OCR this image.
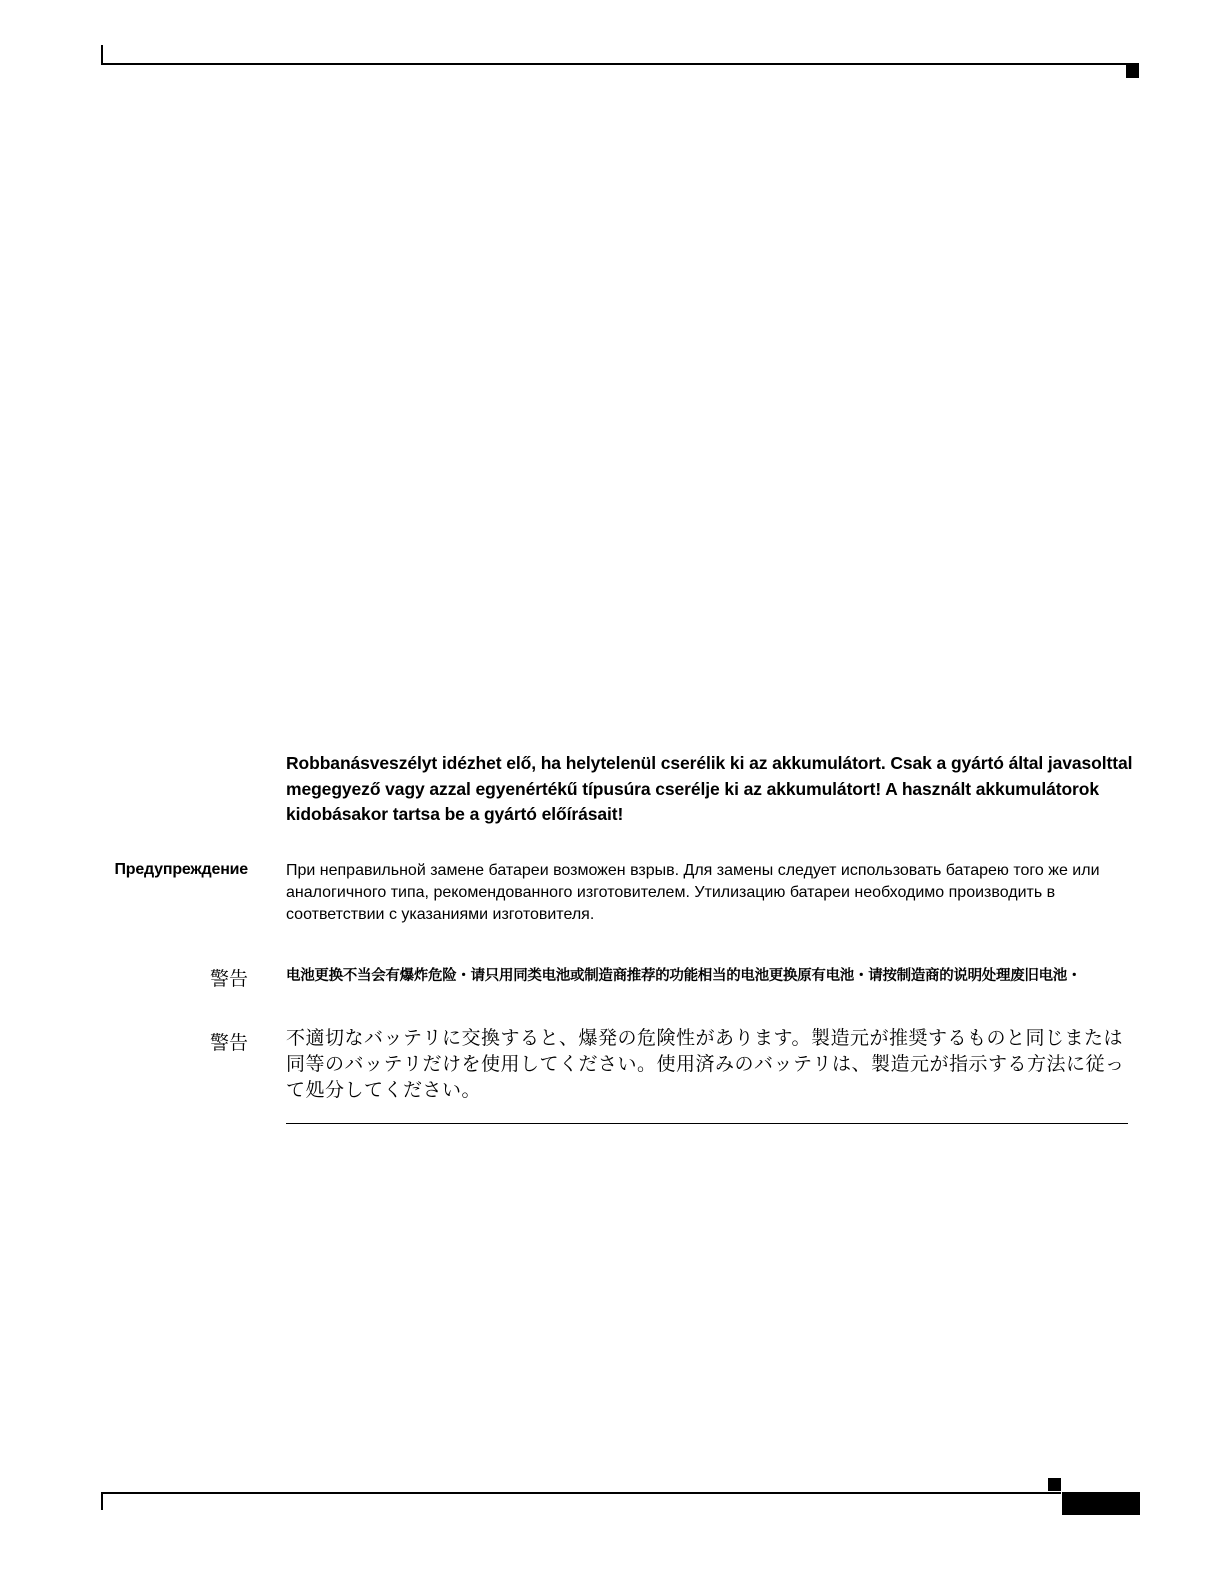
Robbanásveszélyt idézhet elő, ha helytelenül cserélik ki az akkumulátort. Csak a gyártó által javasolttal megegyező vagy azzal egyenértékű típusúra cserélje ki az akkumulátort! A használt akkumulátorok kidobásakor tartsa be a gyártó előírásait!

Предупреждение При неправильной замене батареи возможен взрыв. Для замены следует использовать батарею того же или аналогичного типа, рекомендованного изготовителем. Утилизацию батареи необходимо производить в соответствии с указаниями изготовителя.

警告	电池更换不当会有爆炸危险・请只用同类电池或制造商推荐的功能相当的电池更换原有电池・请按制造商的说明处理废旧电池・

警告 不適切なバッテリに交換すると、爆発の危険性があります。製造元が推奨するものと同じまたは同等のバッテリだけを使用してください。使用済みのバッテリは、製造元が指示する方法に従って処分してください。
